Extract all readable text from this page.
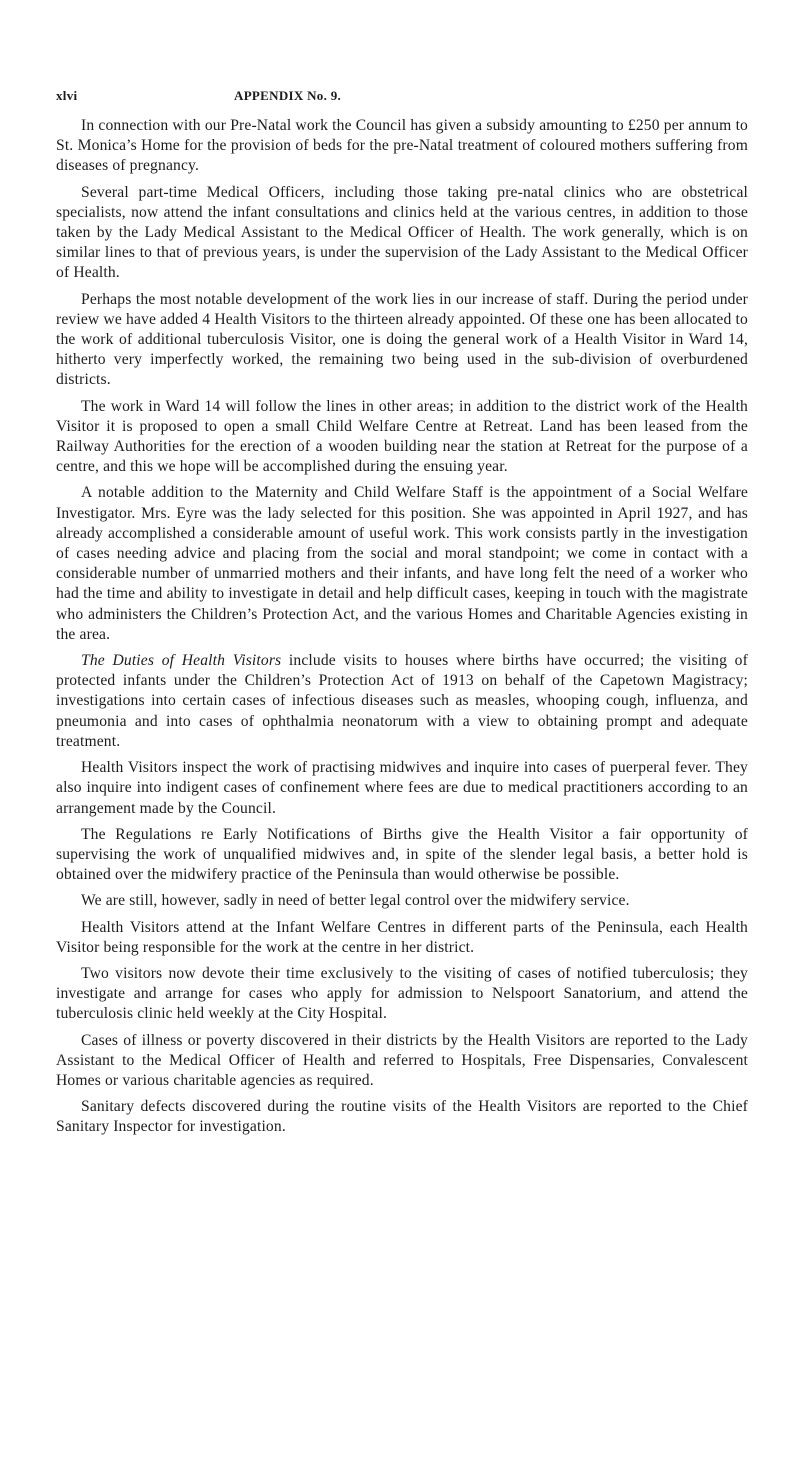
xlvi	APPENDIX No. 9.

In connection with our Pre-Natal work the Council has given a subsidy amounting to £250 per annum to St. Monica’s Home for the provision of beds for the pre-Natal treatment of coloured mothers suffering from diseases of pregnancy.

Several part-time Medical Officers, including those taking pre-natal clinics who are obstetrical specialists, now attend the infant consultations and clinics held at the various centres, in addition to those taken by the Lady Medical Assistant to the Medical Officer of Health. The work generally, which is on similar lines to that of previous years, is under the supervision of the Lady Assistant to the Medical Officer of Health.

Perhaps the most notable development of the work lies in our increase of staff. During the period under review we have added 4 Health Visitors to the thirteen already appointed. Of these one has been allocated to the work of additional tuberculosis Visitor, one is doing the general work of a Health Visitor in Ward 14, hitherto very imperfectly worked, the remaining two being used in the sub-division of overburdened districts.

The work in Ward 14 will follow the lines in other areas; in addition to the district work of the Health Visitor it is proposed to open a small Child Welfare Centre at Retreat. Land has been leased from the Railway Authorities for the erection of a wooden building near the station at Retreat for the purpose of a centre, and this we hope will be accomplished during the ensuing year.

A notable addition to the Maternity and Child Welfare Staff is the appointment of a Social Welfare Investigator. Mrs. Eyre was the lady selected for this position. She was appointed in April 1927, and has already accomplished a considerable amount of useful work. This work consists partly in the investigation of cases needing advice and placing from the social and moral standpoint; we come in contact with a considerable number of unmarried mothers and their infants, and have long felt the need of a worker who had the time and ability to investigate in detail and help difficult cases, keeping in touch with the magistrate who administers the Children’s Protection Act, and the various Homes and Charitable Agencies existing in the area.

The Duties of Health Visitors include visits to houses where births have occurred; the visiting of protected infants under the Children’s Protection Act of 1913 on behalf of the Capetown Magistracy; investigations into certain cases of infectious diseases such as measles, whooping cough, influenza, and pneumonia and into cases of ophthalmia neonatorum with a view to obtaining prompt and adequate treatment.

Health Visitors inspect the work of practising midwives and inquire into cases of puerperal fever. They also inquire into indigent cases of confinement where fees are due to medical practitioners according to an arrangement made by the Council.

The Regulations re Early Notifications of Births give the Health Visitor a fair opportunity of supervising the work of unqualified midwives and, in spite of the slender legal basis, a better hold is obtained over the midwifery practice of the Peninsula than would otherwise be possible.

We are still, however, sadly in need of better legal control over the midwifery service.

Health Visitors attend at the Infant Welfare Centres in different parts of the Peninsula, each Health Visitor being responsible for the work at the centre in her district.

Two visitors now devote their time exclusively to the visiting of cases of notified tuberculosis; they investigate and arrange for cases who apply for admission to Nelspoort Sanatorium, and attend the tuberculosis clinic held weekly at the City Hospital.

Cases of illness or poverty discovered in their districts by the Health Visitors are reported to the Lady Assistant to the Medical Officer of Health and referred to Hospitals, Free Dispensaries, Convalescent Homes or various charitable agencies as required.

Sanitary defects discovered during the routine visits of the Health Visitors are reported to the Chief Sanitary Inspector for investigation.
